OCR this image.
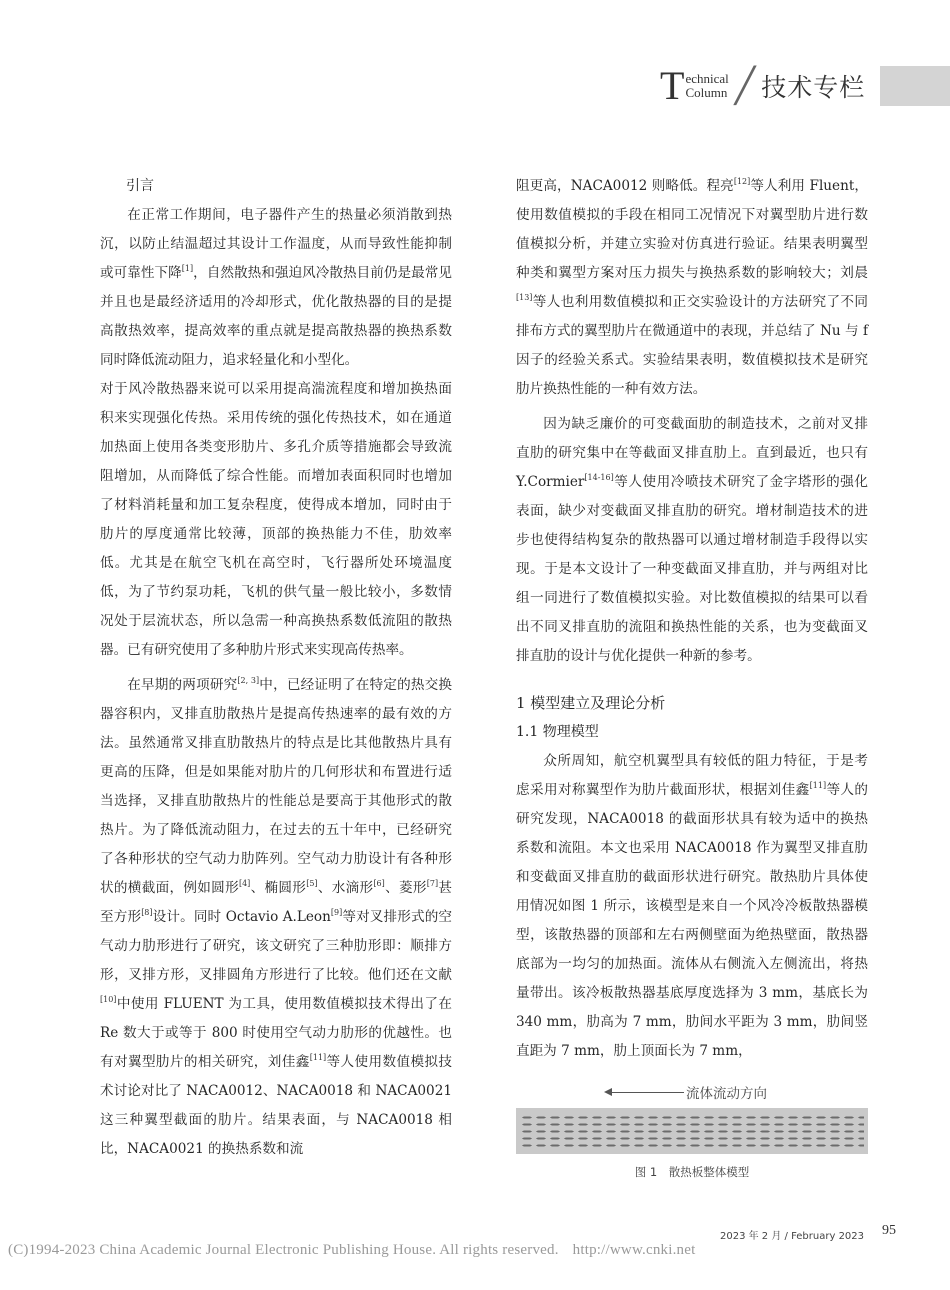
T echnical
Column ╱ 技术专栏
引言

在正常工作期间，电子器件产生的热量必须消散到热沉，以防止结温超过其设计工作温度，从而导致性能抑制或可靠性下降[1]，自然散热和强迫风冷散热目前仍是最常见并且也是最经济适用的冷却形式，优化散热器的目的是提高散热效率，提高效率的重点就是提高散热器的换热系数同时降低流动阻力，追求轻量化和小型化。

对于风冷散热器来说可以采用提高湍流程度和增加换热面积来实现强化传热。采用传统的强化传热技术，如在通道加热面上使用各类变形肋片、多孔介质等措施都会导致流阻增加，从而降低了综合性能。而增加表面积同时也增加了材料消耗量和加工复杂程度，使得成本增加，同时由于肋片的厚度通常比较薄，顶部的换热能力不佳，肋效率低。尤其是在航空飞机在高空时，飞行器所处环境温度低，为了节约泵功耗，飞机的供气量一般比较小，多数情况处于层流状态，所以急需一种高换热系数低流阻的散热器。已有研究使用了多种肋片形式来实现高传热率。

在早期的两项研究[2, 3]中，已经证明了在特定的热交换器容积内，叉排直肋散热片是提高传热速率的最有效的方法。虽然通常叉排直肋散热片的特点是比其他散热片具有更高的压降，但是如果能对肋片的几何形状和布置进行适当选择，叉排直肋散热片的性能总是要高于其他形式的散热片。为了降低流动阻力，在过去的五十年中，已经研究了各种形状的空气动力肋阵列。空气动力肋设计有各种形状的横截面，例如圆形[4]、椭圆形[5]、水滴形[6]、菱形[7]甚至方形[8]设计。同时 Octavio A.Leon[9]等对叉排形式的空气动力肋形进行了研究，该文研究了三种肋形即：顺排方形，叉排方形，叉排圆角方形进行了比较。他们还在文献[10]中使用 FLUENT 为工具，使用数值模拟技术得出了在 Re 数大于或等于 800 时使用空气动力肋形的优越性。也有对翼型肋片的相关研究，刘佳鑫[11]等人使用数值模拟技术讨论对比了 NACA0012、NACA0018 和 NACA0021 这三种翼型截面的肋片。结果表面，与 NACA0018 相比，NACA0021 的换热系数和流

阻更高，NACA0012 则略低。程亮[12]等人利用 Fluent，使用数值模拟的手段在相同工况情况下对翼型肋片进行数值模拟分析，并建立实验对仿真进行验证。结果表明翼型种类和翼型方案对压力损失与换热系数的影响较大；刘晨[13]等人也利用数值模拟和正交实验设计的方法研究了不同排布方式的翼型肋片在微通道中的表现，并总结了 Nu 与 f 因子的经验关系式。实验结果表明，数值模拟技术是研究肋片换热性能的一种有效方法。

因为缺乏廉价的可变截面肋的制造技术，之前对叉排直肋的研究集中在等截面叉排直肋上。直到最近，也只有 Y.Cormier[14-16]等人使用冷喷技术研究了金字塔形的强化表面，缺少对变截面叉排直肋的研究。增材制造技术的进步也使得结构复杂的散热器可以通过增材制造手段得以实现。于是本文设计了一种变截面叉排直肋，并与两组对比组一同进行了数值模拟实验。对比数值模拟的结果可以看出不同叉排直肋的流阻和换热性能的关系，也为变截面叉排直肋的设计与优化提供一种新的参考。

1 模型建立及理论分析
1.1 物理模型

众所周知，航空机翼型具有较低的阻力特征，于是考虑采用对称翼型作为肋片截面形状，根据刘佳鑫[11]等人的研究发现，NACA0018 的截面形状具有较为适中的换热系数和流阻。本文也采用 NACA0018 作为翼型叉排直肋和变截面叉排直肋的截面形状进行研究。散热肋片具体使用情况如图 1 所示，该模型是来自一个风冷冷板散热器模型，该散热器的顶部和左右两侧壁面为绝热壁面，散热器底部为一均匀的加热面。流体从右侧流入左侧流出，将热量带出。该冷板散热器基底厚度选择为 3 mm，基底长为 340 mm，肋高为 7 mm，肋间水平距为 3 mm，肋间竖直距为 7 mm，肋上顶面长为 7 mm，

流体流动方向
图 1　散热板整体模型
2023 年 2 月 / February 2023 95
(C)1994-2023 China Academic Journal Electronic Publishing House. All rights reserved. http://www.cnki.net
